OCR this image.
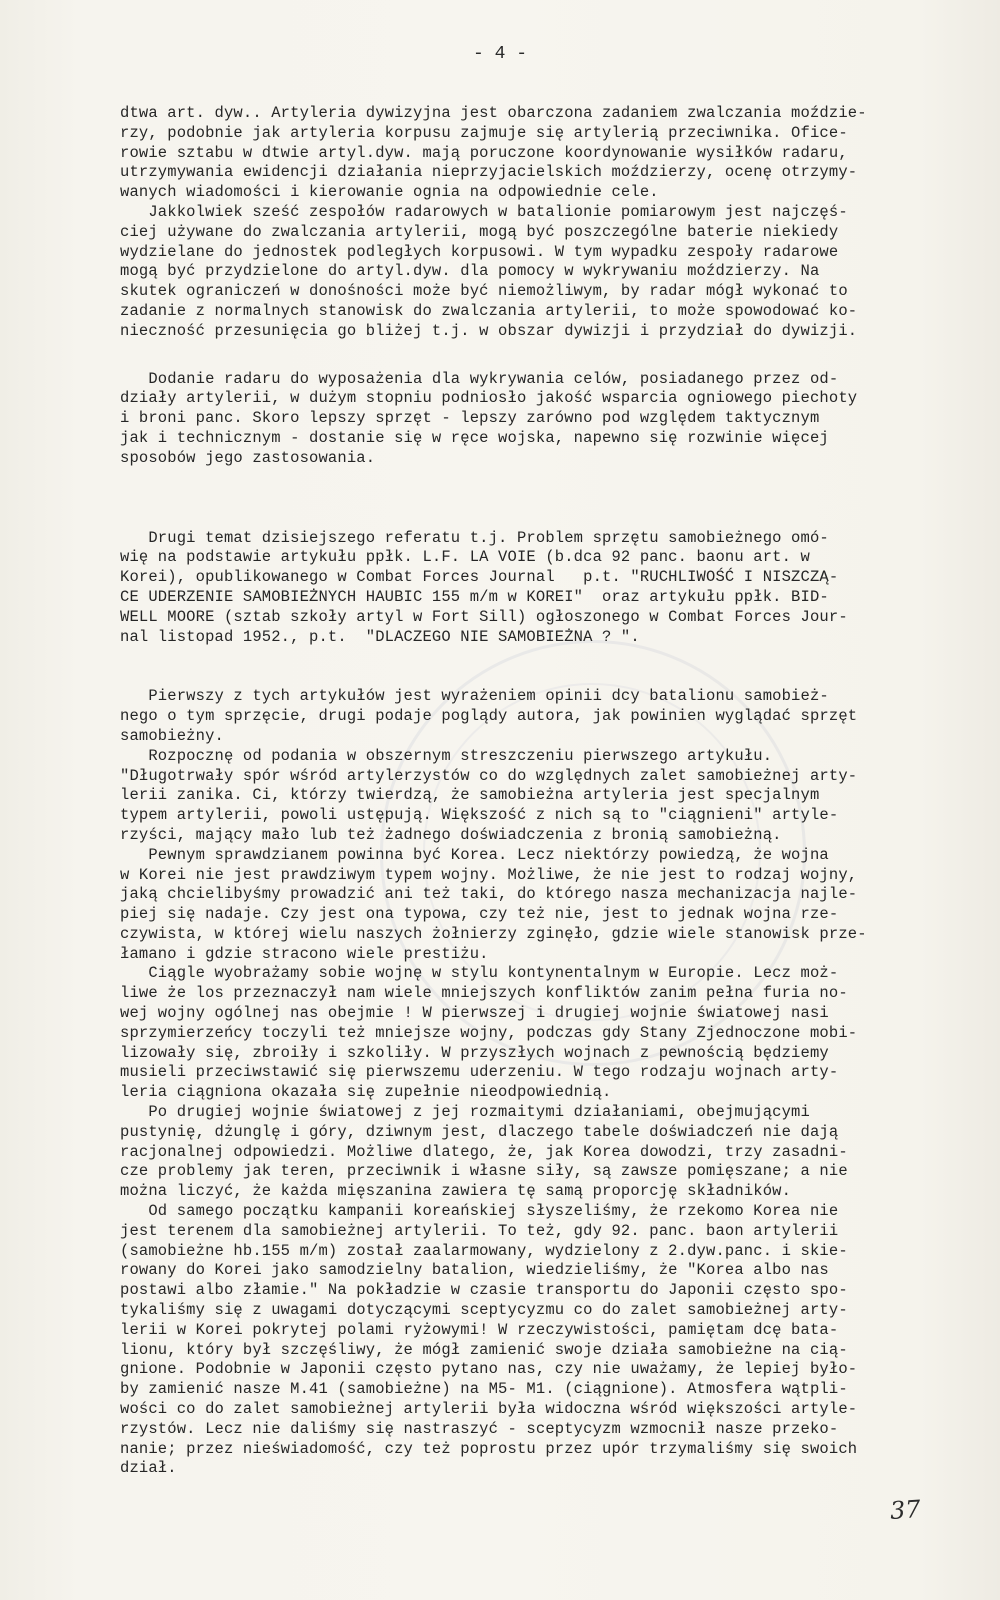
- 4 -
dtwa art. dyw.. Artyleria dywizyjna jest obarczona zadaniem zwalczania moździe-
rzy, podobnie jak artyleria korpusu zajmuje się artylerią przeciwnika. Ofice-
rowie sztabu w dtwie artyl.dyw. mają poruczone koordynowanie wysiłków radaru,
utrzymywania ewidencji działania nieprzyjacielskich moździerzy, ocenę otrzymy-
wanych wiadomości i kierowanie ognia na odpowiednie cele.
Jakkolwiek sześć zespołów radarowych w batalionie pomiarowym jest najczęś-
ciej używane do zwalczania artylerii, mogą być poszczególne baterie niekiedy
wydzielane do jednostek podległych korpusowi. W tym wypadku zespoły radarowe
mogą być przydzielone do artyl.dyw. dla pomocy w wykrywaniu moździerzy. Na
skutek ograniczeń w donośności może być niemożliwym, by radar mógł wykonać to
zadanie z normalnych stanowisk do zwalczania artylerii, to może spowodować ko-
nieczność przesunięcia go bliżej t.j. w obszar dywizji i przydział do dywizji.
Dodanie radaru do wyposażenia dla wykrywania celów, posiadanego przez od-
działy artylerii, w dużym stopniu podniosło jakość wsparcia ogniowego piechoty
i broni panc. Skoro lepszy sprzęt - lepszy zarówno pod względem taktycznym
jak i technicznym - dostanie się w ręce wojska, napewno się rozwinie więcej
sposobów jego zastosowania.
Drugi temat dzisiejszego referatu t.j. Problem sprzętu samobieżnego omó-
wię na podstawie artykułu ppłk. L.F. LA VOIE (b.dca 92 panc. baonu art. w
Korei), opublikowanego w Combat Forces Journal   p.t. "RUCHLIWOŚĆ I NISZCZĄ-
CE UDERZENIE SAMOBIEŻNYCH HAUBIC 155 m/m w KOREI"  oraz artykułu ppłk. BID-
WELL MOORE (sztab szkoły artyl w Fort Sill) ogłoszonego w Combat Forces Jour-
nal listopad 1952., p.t.  "DLACZEGO NIE SAMOBIEŻNA ? ".
Pierwszy z tych artykułów jest wyrażeniem opinii dcy batalionu samobież-
nego o tym sprzęcie, drugi podaje poglądy autora, jak powinien wyglądać sprzęt
samobieżny.
Rozpocznę od podania w obszernym streszczeniu pierwszego artykułu.
"Długotrwały spór wśród artylerzystów co do względnych zalet samobieżnej arty-
lerii zanika. Ci, którzy twierdzą, że samobieżna artyleria jest specjalnym
typem artylerii, powoli ustępują. Większość z nich są to "ciągnieni" artyle-
rzyści, mający mało lub też żadnego doświadczenia z bronią samobieżną.
Pewnym sprawdzianem powinna być Korea. Lecz niektórzy powiedzą, że wojna
w Korei nie jest prawdziwym typem wojny. Możliwe, że nie jest to rodzaj wojny,
jaką chcielibyśmy prowadzić ani też taki, do którego nasza mechanizacja najle-
piej się nadaje. Czy jest ona typowa, czy też nie, jest to jednak wojna rze-
czywista, w której wielu naszych żołnierzy zginęło, gdzie wiele stanowisk prze-
łamano i gdzie stracono wiele prestiżu.
Ciągle wyobrażamy sobie wojnę w stylu kontynentalnym w Europie. Lecz moż-
liwe że los przeznaczył nam wiele mniejszych konfliktów zanim pełna furia no-
wej wojny ogólnej nas obejmie ! W pierwszej i drugiej wojnie światowej nasi
sprzymierzeńcy toczyli też mniejsze wojny, podczas gdy Stany Zjednoczone mobi-
lizowały się, zbroiły i szkoliły. W przyszłych wojnach z pewnością będziemy
musieli przeciwstawić się pierwszemu uderzeniu. W tego rodzaju wojnach arty-
leria ciągniona okazała się zupełnie nieodpowiednią.
Po drugiej wojnie światowej z jej rozmaitymi działaniami, obejmującymi
pustynię, dżunglę i góry, dziwnym jest, dlaczego tabele doświadczeń nie dają
racjonalnej odpowiedzi. Możliwe dlatego, że, jak Korea dowodzi, trzy zasadni-
cze problemy jak teren, przeciwnik i własne siły, są zawsze pomięszane; a nie
można liczyć, że każda mięszanina zawiera tę samą proporcję składników.
Od samego początku kampanii koreańskiej słyszeliśmy, że rzekomo Korea nie
jest terenem dla samobieżnej artylerii. To też, gdy 92. panc. baon artylerii
(samobieżne hb.155 m/m) został zaalarmowany, wydzielony z 2.dyw.panc. i skie-
rowany do Korei jako samodzielny batalion, wiedzieliśmy, że "Korea albo nas
postawi albo złamie." Na pokładzie w czasie transportu do Japonii często spo-
tykaliśmy się z uwagami dotyczącymi sceptycyzmu co do zalet samobieżnej arty-
lerii w Korei pokrytej polami ryżowymi! W rzeczywistości, pamiętam dcę bata-
lionu, który był szczęśliwy, że mógł zamienić swoje działa samobieżne na cią-
gnione. Podobnie w Japonii często pytano nas, czy nie uważamy, że lepiej było-
by zamienić nasze M.41 (samobieżne) na M5- M1. (ciągnione). Atmosfera wątpli-
wości co do zalet samobieżnej artylerii była widoczna wśród większości artyle-
rzystów. Lecz nie daliśmy się nastraszyć - sceptycyzm wzmocnił nasze przeko-
nanie; przez nieświadomość, czy też poprostu przez upór trzymaliśmy się swoich
dział.
37
